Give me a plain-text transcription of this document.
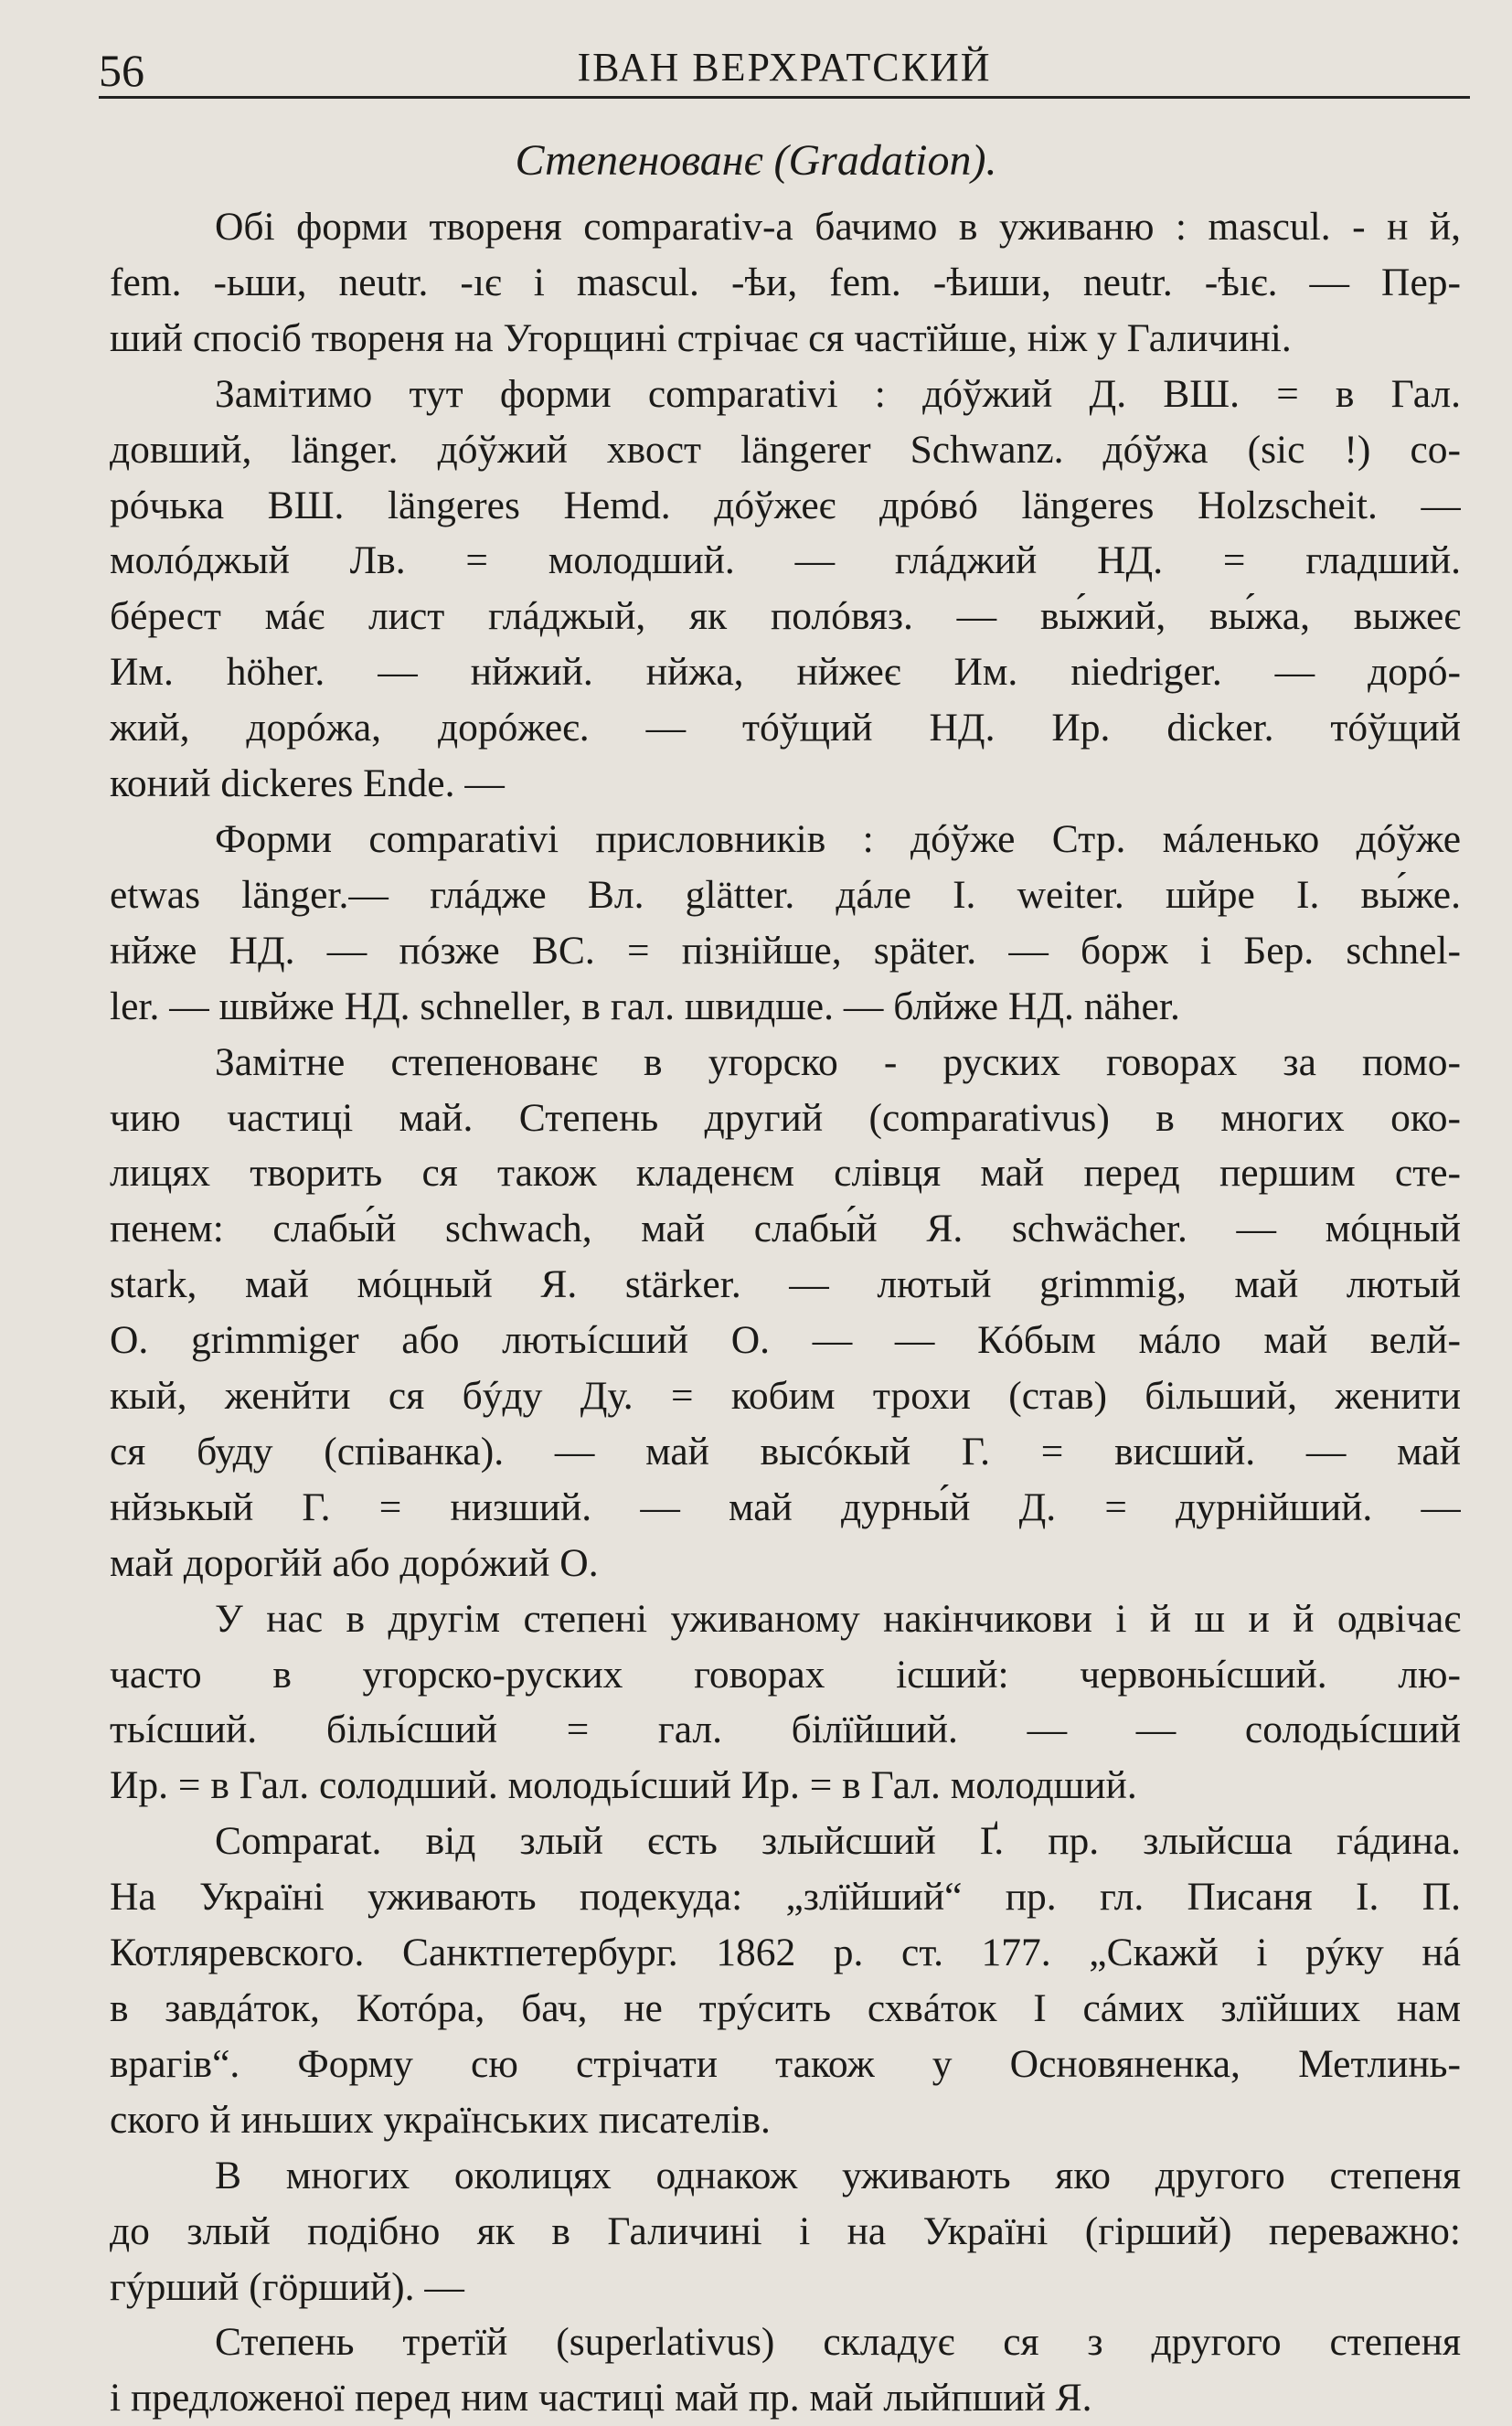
56	ІВАН ВЕРХРАТСКИЙ
Степенованє (Gradation).

Обі форми твореня comparativ-a бачимо в уживаню : mascul. - н й,
fem. -ьши, neutr. -ıє і mascul. -ѣи, fem. -ѣиши, neutr. -ѣıє. — Пер-
ший спосіб твореня на Угорщині стрічає ся частїйше, ніж у Галичині.

Замітимо тут форми comparativi : дóўжий Д. ВШ. = в Гал.
довший, länger. дóўжий хвост längerer Schwanz. дóўжа (sic !) со-
рóчька ВШ. längeres Hemd. дóўжеє дрóвó längeres Holzscheit. —
молóджый Лв. = молодший. — глáджий НД. = гладший.
бéрест мáє лист глáджый, як полóвяз. — вы́жий, вы́жа, выжеє
Им. höher. — нйжий. нйжа, нйжеє Им. niedriger. — дорó-
жий, дорóжа, дорóжеє. — тóўщий НД. Ир. dicker. тóўщий
коний dickeres Ende. —

Форми comparativi присловників : дóўже Стр. мáленько дóўже
etwas länger.— глáдже Вл. glätter. дáле І. weiter. шйре І. вы́же.
нйже НД. — пóзже ВС. = пізнійше, später. — борж і Бер. schnel-
ler. — швйже НД. schneller, в гал. швидше. — блйже НД. näher.

Замітне степенованє в угорско - руских говорах за помо-
чию частиці май. Степень другий (comparativus) в многих око-
лицях творить ся також кладенєм слівця май перед першим сте-
пенем: слабы́й schwach, май слабы́й Я. schwächer. — мóцный
stark, май мóцный Я. stärker. — лютый grimmig, май лютый
О. grimmiger або лютьíсший О. — — Кóбым мáло май велй-
кый, женйти ся бýду Ду. = кобим трохи (став) більший, женити
ся буду (співанка). — май высóкый Г. = висший. — май
нйзькый Г. = низший. — май дурны́й Д. = дурнійший. —
май дорогйй або дорóжий О.

У нас в другім степені уживаному накінчикови і й ш и й одвічає
часто в угорско-руских говорах ісший: червоньíсший. лю-
тьíсший. більíсший = гал. білїйший. — — солодьíсший
Ир. = в Гал. солодший. молодьíсший Ир. = в Гал. молодший.

Comparat. від злый єсть злыйсший Ґ. пр. злыйсша гáдина.
На Україні уживають подекуда: „злїйший“ пр. гл. Писаня І. П.
Котляревского. Санктпетербург. 1862 р. ст. 177. „Скажй і рýку нá
в завдáток, Котóра, бач, не трýсить схвáток І сáмих злїйших нам
врагів“. Форму сю стрічати також у Основяненка, Метлинь-
ского й иньших українських писателів.

В многих околицях однакож уживають яко другого степеня
до злый подібно як в Галичині і на Україні (гірший) переважно:
гýрший (гöрший). —

Степень третїй (superlativus) складує ся з другого степеня
і предложеної перед ним частиці май пр. май лыйпший Я.
